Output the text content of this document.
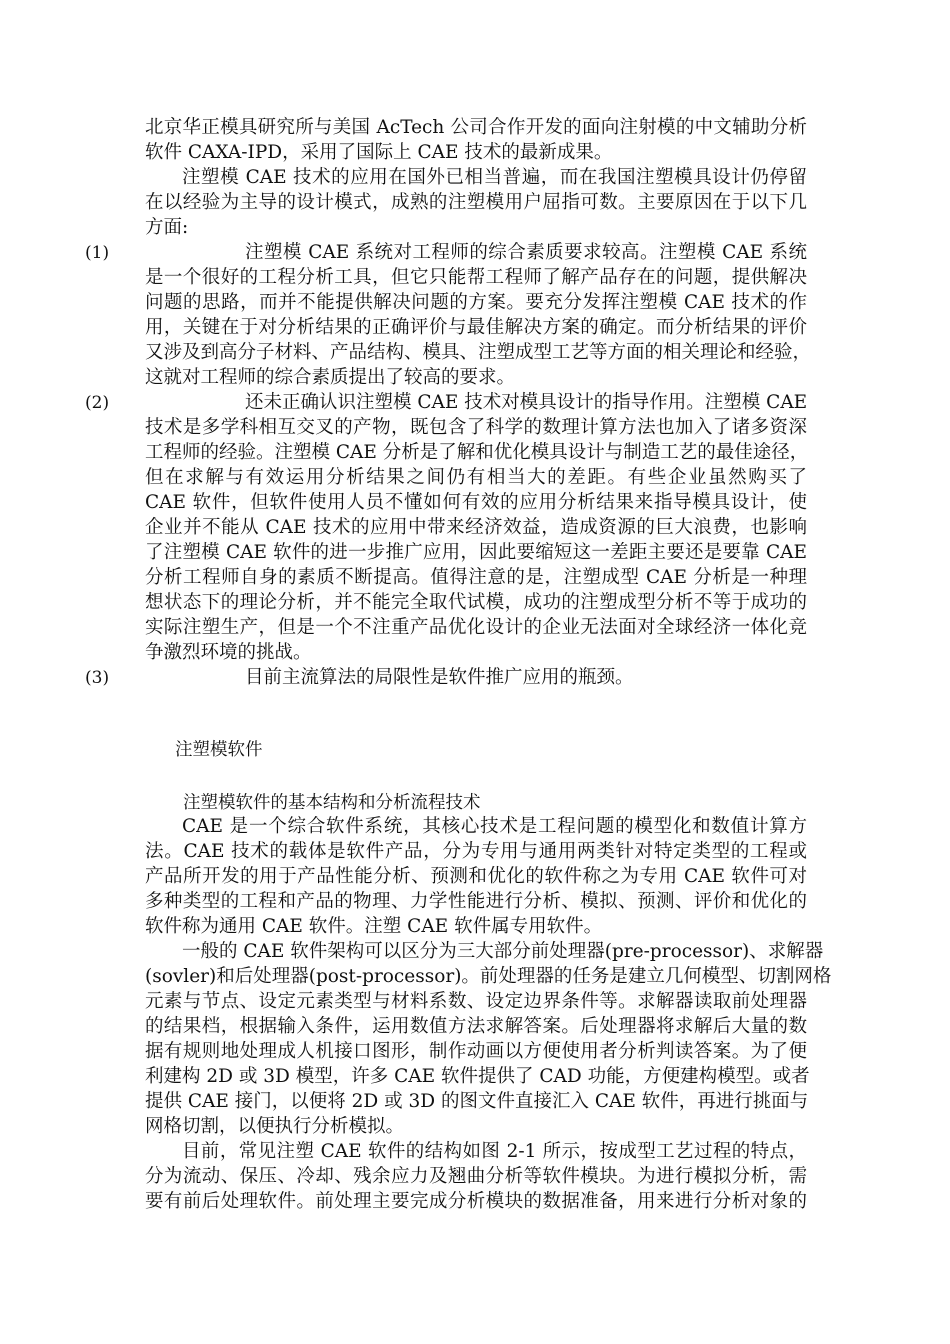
北京华正模具研究所与美国 AcTech 公司合作开发的面向注射模的中文辅助分析
软件 CAXA-IPD，采用了国际上 CAE 技术的最新成果。
注塑模 CAE 技术的应用在国外已相当普遍，而在我国注塑模具设计仍停留
在以经验为主导的设计模式，成熟的注塑模用户屈指可数。主要原因在于以下几
方面:
(1)	注塑模 CAE 系统对工程师的综合素质要求较高。注塑模 CAE 系统
是一个很好的工程分析工具，但它只能帮工程师了解产品存在的问题，提供解决
问题的思路，而并不能提供解决问题的方案。要充分发挥注塑模 CAE 技术的作
用，关键在于对分析结果的正确评价与最佳解决方案的确定。而分析结果的评价
又涉及到高分子材料、产品结构、模具、注塑成型工艺等方面的相关理论和经验，
这就对工程师的综合素质提出了较高的要求。
(2)	还未正确认识注塑模 CAE 技术对模具设计的指导作用。注塑模 CAE
技术是多学科相互交叉的产物，既包含了科学的数理计算方法也加入了诸多资深
工程师的经验。注塑模 CAE 分析是了解和优化模具设计与制造工艺的最佳途径，
但在求解与有效运用分析结果之间仍有相当大的差距。有些企业虽然购买了
CAE 软件，但软件使用人员不懂如何有效的应用分析结果来指导模具设计，使
企业并不能从 CAE 技术的应用中带来经济效益，造成资源的巨大浪费，也影响
了注塑模 CAE 软件的进一步推广应用，因此要缩短这一差距主要还是要靠 CAE
分析工程师自身的素质不断提高。值得注意的是，注塑成型 CAE 分析是一种理
想状态下的理论分析，并不能完全取代试模，成功的注塑成型分析不等于成功的
实际注塑生产，但是一个不注重产品优化设计的企业无法面对全球经济一体化竞
争激烈环境的挑战。
(3)	目前主流算法的局限性是软件推广应用的瓶颈。
注塑模软件
注塑模软件的基本结构和分析流程技术
CAE 是一个综合软件系统，其核心技术是工程问题的模型化和数值计算方
法。CAE 技术的载体是软件产品，分为专用与通用两类针对特定类型的工程或
产品所开发的用于产品性能分析、预测和优化的软件称之为专用 CAE 软件可对
多种类型的工程和产品的物理、力学性能进行分析、模拟、预测、评价和优化的
软件称为通用 CAE 软件。注塑 CAE 软件属专用软件。
一般的 CAE 软件架构可以区分为三大部分前处理器(pre-processor)、求解器
(sovler)和后处理器(post-processor)。前处理器的任务是建立几何模型、切割网格
元素与节点、设定元素类型与材料系数、设定边界条件等。求解器读取前处理器
的结果档，根据输入条件，运用数值方法求解答案。后处理器将求解后大量的数
据有规则地处理成人机接口图形，制作动画以方便使用者分析判读答案。为了便
利建构 2D 或 3D 模型，许多 CAE 软件提供了 CAD 功能，方便建构模型。或者
提供 CAE 接门，以便将 2D 或 3D 的图文件直接汇入 CAE 软件，再进行挑面与
网格切割，以便执行分析模拟。
目前，常见注塑 CAE 软件的结构如图 2-1 所示，按成型工艺过程的特点，
分为流动、保压、冷却、残余应力及翘曲分析等软件模块。为进行模拟分析，需
要有前后处理软件。前处理主要完成分析模块的数据准备，用来进行分析对象的
